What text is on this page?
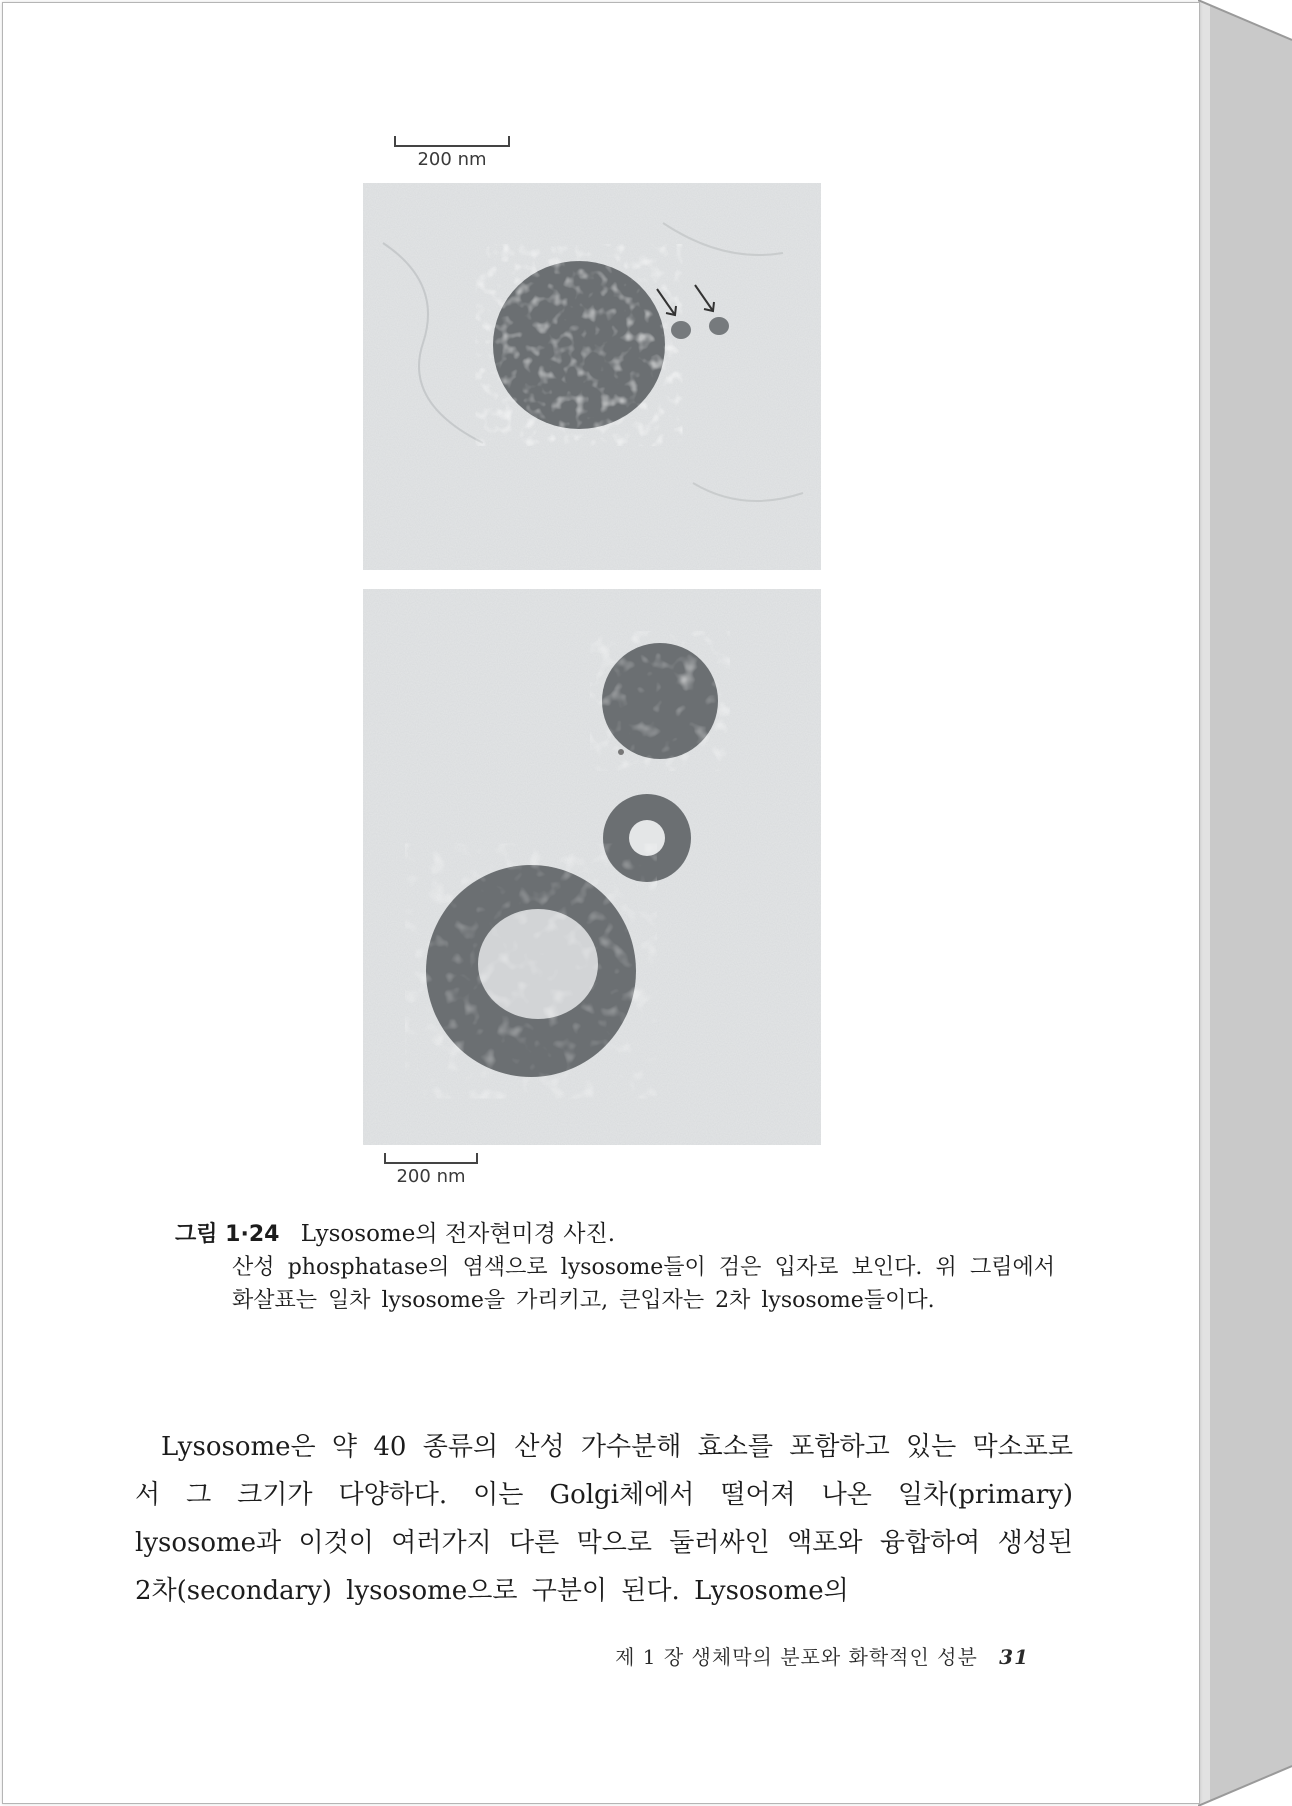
200 nm
200 nm
그림 1·24 Lysosome의 전자현미경 사진.
산성 phosphatase의 염색으로 lysosome들이 검은 입자로 보인다. 위 그림에서 화살표는 일차 lysosome을 가리키고, 큰입자는 2차 lysosome들이다.

Lysosome은 약 40 종류의 산성 가수분해 효소를 포함하고 있는 막소포로서 그 크기가 다양하다. 이는 Golgi체에서 떨어져 나온 일차(primary) lysosome과 이것이 여러가지 다른 막으로 둘러싸인 액포와 융합하여 생성된 2차(secondary) lysosome으로 구분이 된다. Lysosome의

제 1 장 생체막의 분포와 화학적인 성분 31
